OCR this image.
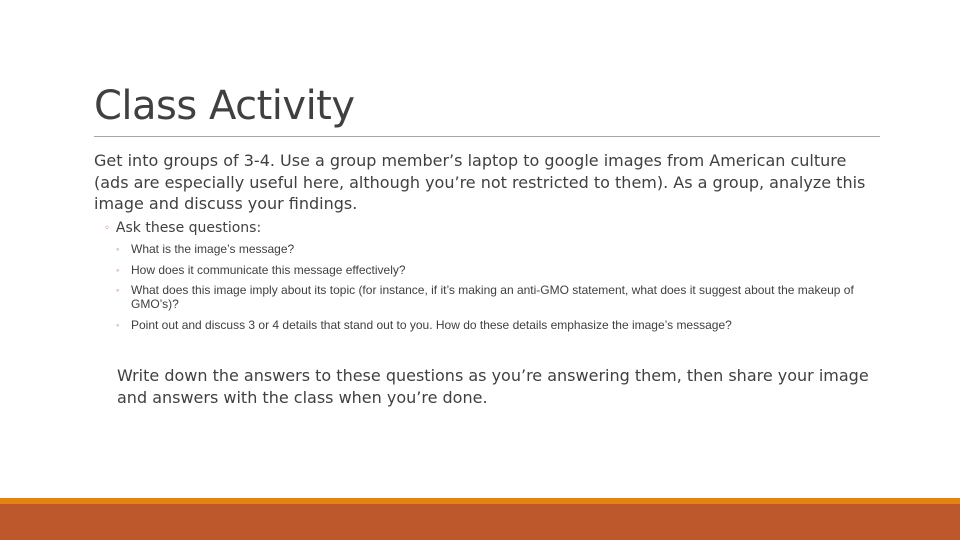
Class Activity

Get into groups of 3-4. Use a group member’s laptop to google images from American culture (ads are especially useful here, although you’re not restricted to them). As a group, analyze this image and discuss your findings.

◦ Ask these questions:

◦ What is the image’s message?
◦ How does it communicate this message effectively?
◦ What does this image imply about its topic (for instance, if it’s making an anti-GMO statement, what does it suggest about the makeup of GMO’s)?
◦ Point out and discuss 3 or 4 details that stand out to you. How do these details emphasize the image’s message?

Write down the answers to these questions as you’re answering them, then share your image and answers with the class when you’re done.
